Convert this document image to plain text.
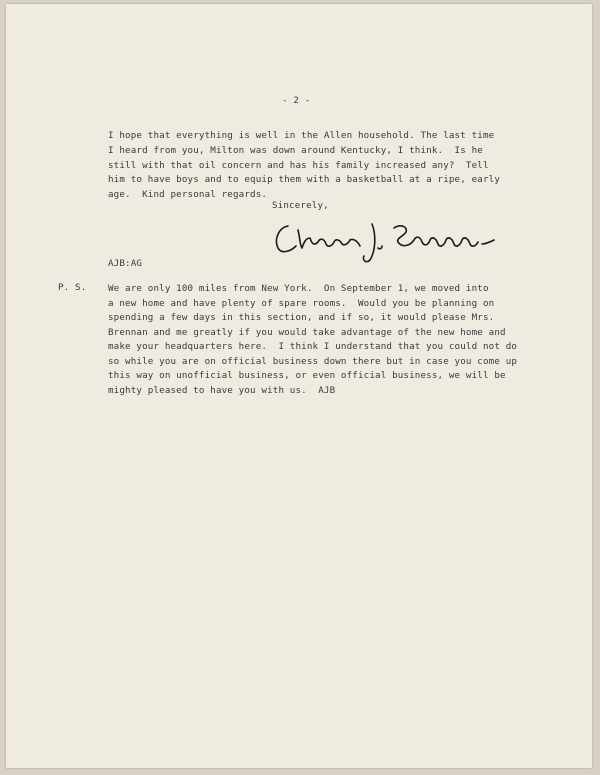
- 2 -
I hope that everything is well in the Allen household. The last time
I heard from you, Milton was down around Kentucky, I think.  Is he
still with that oil concern and has his family increased any?  Tell
him to have boys and to equip them with a basketball at a ripe, early
age.  Kind personal regards.
Sincerely,
AJB:AG
P. S. We are only 100 miles from New York.  On September 1, we moved into
a new home and have plenty of spare rooms.  Would you be planning on
spending a few days in this section, and if so, it would please Mrs.
Brennan and me greatly if you would take advantage of the new home and
make your headquarters here.  I think I understand that you could not do
so while you are on official business down there but in case you come up
this way on unofficial business, or even official business, we will be
mighty pleased to have you with us.  AJB
